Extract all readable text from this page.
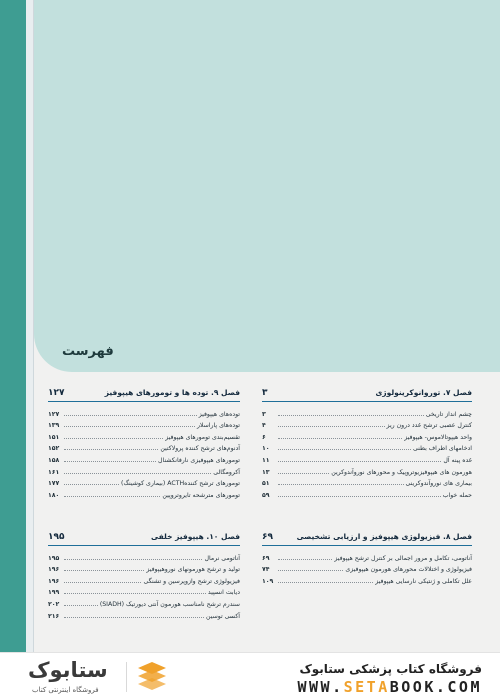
فهرست
فصل ۷. توروانوکرینولوژی
۳
چشم انداز تاریخی
۳
کنترل عصبی ترشح غدد درون ریز
۴
واحد هیپوتالاموس- هیپوفیز
۶
ادخامهای اطراف بطنی
۱۰
غده پینه آل
۱۱
هورمون های هیپوفیزیوتروپیک و محورهای نوروآندوکرین
۱۳
بیماری های نوروآندوکرینی
۵۱
حمله خواب
۵۹
فصل ۸. فیزیولوژی هیپوفیز و ارزیابی تشخیصی
۶۹
آناتومی، تکامل و مرور اجمالی بر کنترل ترشح هیپوفیز
۶۹
فیزیولوژی و اختلالات محورهای هورمون هیپوفیزی
۷۴
علل تکاملی و ژنتیکی نارسایی هیپوفیز
۱۰۹
فصل ۹. توده ها و تومورهای هیپوفیز
۱۲۷
توده‌های هیپوفیز
۱۲۷
توده‌های پاراسلار
۱۳۹
تقسیم‌بندی تومورهای هیپوفیز
۱۵۱
آدنوم‌های ترشح کننده پرولاکتین
۱۵۲
تومورهای هیپوفیزی نارفانکشنال
۱۵۸
آکرومگالی
۱۶۱
تومورهای ترشح کنندهACTH (بیماری کوشینگ)
۱۷۷
تومورهای مترشحه تایروتروپین
۱۸۰
فصل ۱۰. هیپوفیز خلفی
۱۹۵
آناتومی نرمال
۱۹۵
تولید و ترشح هورمونهای نوروهیپوفیز
۱۹۶
فیزیولوژی ترشح وازوپرسین و تشنگی
۱۹۶
دیابت انسپید
۱۹۹
سندرم ترشح نامناسب هورمون آنتی دیورتیک (SIADH)
۲۰۲
آکسی توسین
۲۱۶
ستابوک
فروشگاه اینترنتی کتاب
فروشگاه کتاب پزشکی ستابوک
WWW.SETABOOK.COM
